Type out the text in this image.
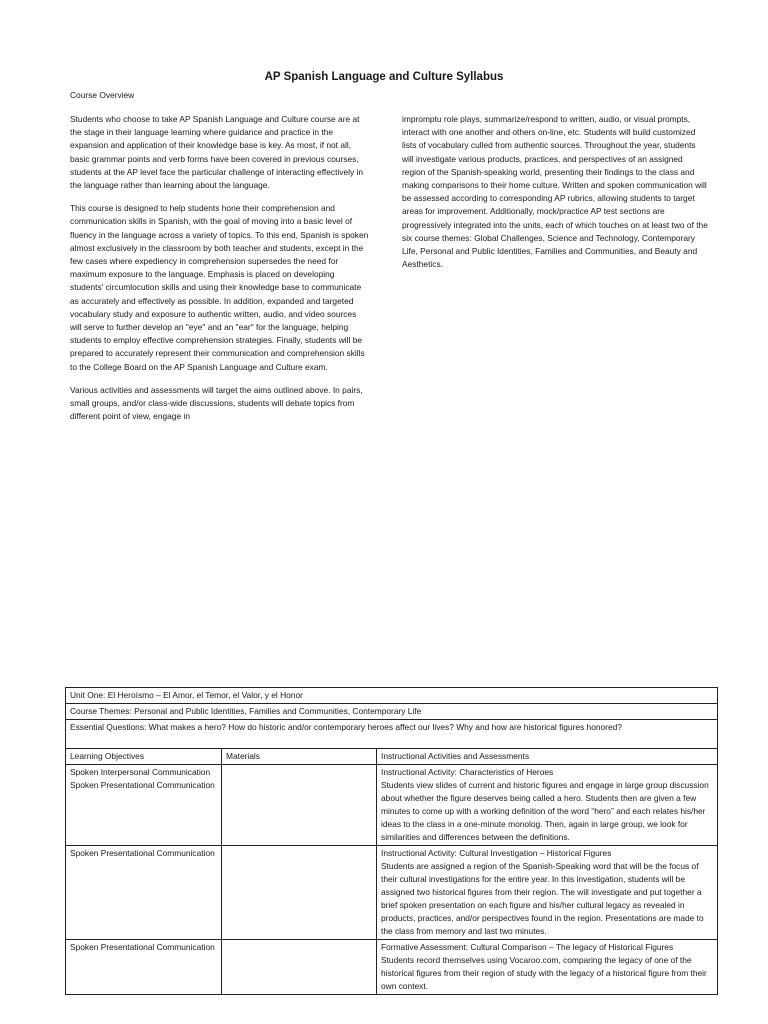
AP Spanish Language and Culture Syllabus
Course Overview

Students who choose to take AP Spanish Language and Culture course are at the stage in their language learning where guidance and practice in the expansion and application of their knowledge base is key. As most, if not all, basic grammar points and verb forms have been covered in previous courses, students at the AP level face the particular challenge of interacting effectively in the language rather than learning about the language.

This course is designed to help students hone their comprehension and communication skills in Spanish, with the goal of moving into a basic level of fluency in the language across a variety of topics. To this end, Spanish is spoken almost exclusively in the classroom by both teacher and students, except in the few cases where expediency in comprehension supersedes the need for maximum exposure to the language. Emphasis is placed on developing students' circumlocution skills and using their knowledge base to communicate as accurately and effectively as possible. In addition, expanded and targeted vocabulary study and exposure to authentic written, audio, and video sources will serve to further develop an "eye" and an "ear" for the language, helping students to employ effective comprehension strategies. Finally, students will be prepared to accurately represent their communication and comprehension skills to the College Board on the AP Spanish Language and Culture exam.

Various activities and assessments will target the aims outlined above. In pairs, small groups, and/or class-wide discussions, students will debate topics from different point of view, engage in

impromptu role plays, summarize/respond to written, audio, or visual prompts, interact with one another and others on-line, etc. Students will build customized lists of vocabulary culled from authentic sources. Throughout the year, students will investigate various products, practices, and perspectives of an assigned region of the Spanish-speaking world, presenting their findings to the class and making comparisons to their home culture. Written and spoken communication will be assessed according to corresponding AP rubrics, allowing students to target areas for improvement. Additionally, mock/practice AP test sections are progressively integrated into the units, each of which touches on at least two of the six course themes: Global Challenges, Science and Technology, Contemporary Life, Personal and Public Identities, Families and Communities, and Beauty and Aesthetics.

Unit One: El Heroísmo – El Amor, el Temor, el Valor, y el Honor		
Course Themes: Personal and Public Identities, Families and Communities, Contemporary Life		
Essential Questions: What makes a hero? How do historic and/or contemporary heroes affect our lives? Why and how are historical figures honored?		
Learning Objectives	Materials	Instructional Activities and Assessments

Spoken Interpersonal Communication
Spoken Presentational Communication		Instructional Activity: Characteristics of Heroes
Students view slides of current and historic figures and engage in large group discussion about whether the figure deserves being called a hero. Students then are given a few minutes to come up with a working definition of the word “hero” and each relates his/her ideas to the class in a one-minute monolog. Then, again in large group, we look for similarities and differences between the definitions.

Spoken Presentational Communication		Instructional Activity: Cultural Investigation – Historical Figures
Students are assigned a region of the Spanish-Speaking word that will be the focus of their cultural investigations for the entire year. In this investigation, students will be assigned two historical figures from their region. The will investigate and put together a brief spoken presentation on each figure and his/her cultural legacy as revealed in products, practices, and/or perspectives found in the region. Presentations are made to the class from memory and last two minutes.

Spoken Presentational Communication		Formative Assessment: Cultural Comparison – The legacy of Historical Figures
Students record themselves using Vocaroo.com, comparing the legacy of one of the historical figures from their region of study with the legacy of a historical figure from their own context.
